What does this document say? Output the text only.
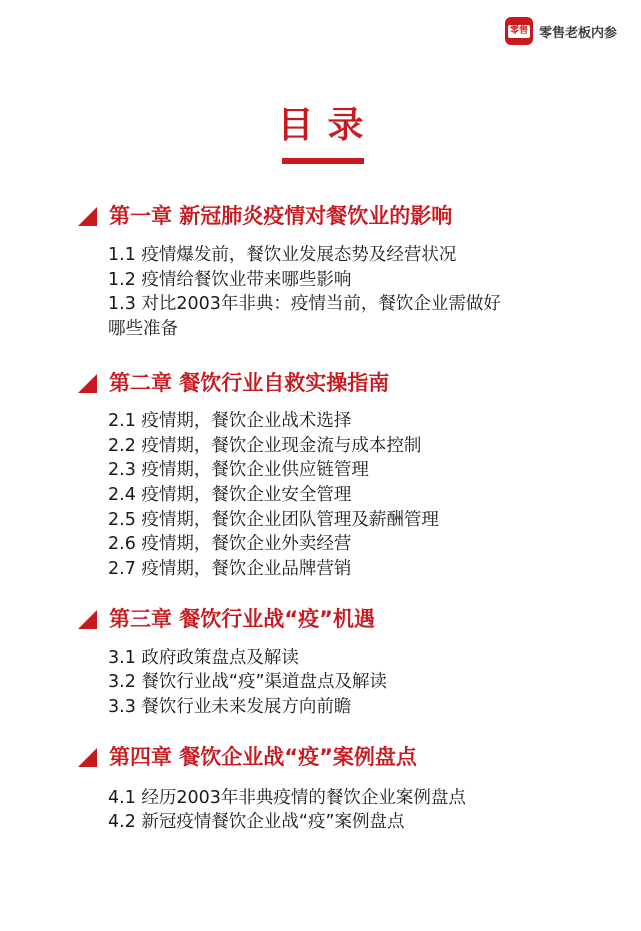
零售 零售老板内参
目录
第一章 新冠肺炎疫情对餐饮业的影响
1.1 疫情爆发前，餐饮业发展态势及经营状况
1.2 疫情给餐饮业带来哪些影响
1.3 对比2003年非典：疫情当前，餐饮企业需做好
哪些准备
第二章 餐饮行业自救实操指南
2.1 疫情期，餐饮企业战术选择
2.2 疫情期，餐饮企业现金流与成本控制
2.3 疫情期，餐饮企业供应链管理
2.4 疫情期，餐饮企业安全管理
2.5 疫情期，餐饮企业团队管理及薪酬管理
2.6 疫情期，餐饮企业外卖经营
2.7 疫情期，餐饮企业品牌营销
第三章 餐饮行业战“疫”机遇
3.1 政府政策盘点及解读
3.2 餐饮行业战“疫”渠道盘点及解读
3.3 餐饮行业未来发展方向前瞻
第四章 餐饮企业战“疫”案例盘点
4.1 经历2003年非典疫情的餐饮企业案例盘点
4.2 新冠疫情餐饮企业战“疫”案例盘点
